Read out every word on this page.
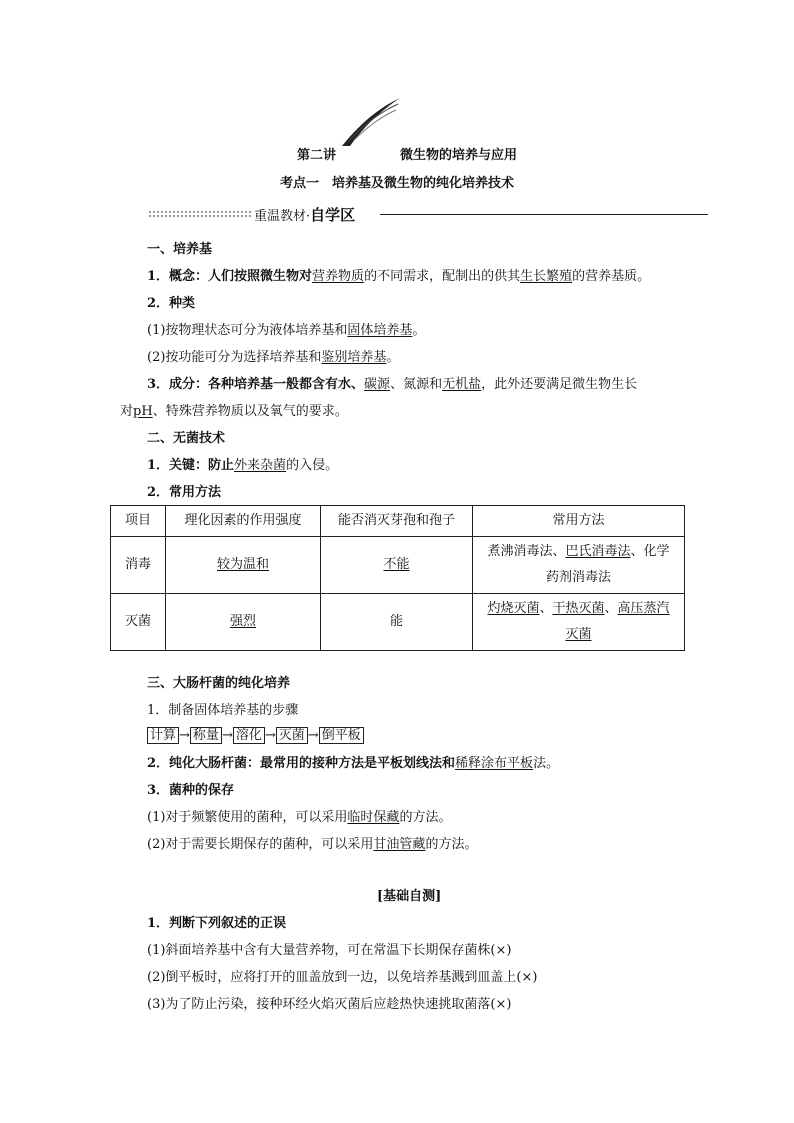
第二讲	微生物的培养与应用
考点一　培养基及微生物的纯化培养技术
重温教材·自学区
一、培养基
1．概念：人们按照微生物对营养物质的不同需求，配制出的供其生长繁殖的营养基质。
2．种类
(1)按物理状态可分为液体培养基和固体培养基。
(2)按功能可分为选择培养基和鉴别培养基。
3．成分：各种培养基一般都含有水、碳源、氮源和无机盐，此外还要满足微生物生长
对pH、特殊营养物质以及氧气的要求。
二、无菌技术
1．关键：防止外来杂菌的入侵。
2．常用方法
项目	理化因素的作用强度	能否消灭芽孢和孢子	常用方法
消毒	较为温和	不能	煮沸消毒法、巴氏消毒法、化学
药剂消毒法
灭菌	强烈	能	灼烧灭菌、干热灭菌、高压蒸汽
灭菌
三、大肠杆菌的纯化培养
1．制备固体培养基的步骤
计算 → 称量 → 溶化 → 灭菌 → 倒平板
2．纯化大肠杆菌：最常用的接种方法是平板划线法和稀释涂布平板法。
3．菌种的保存
(1)对于频繁使用的菌种，可以采用临时保藏的方法。
(2)对于需要长期保存的菌种，可以采用甘油管藏的方法。
[基础自测]
1．判断下列叙述的正误
(1)斜面培养基中含有大量营养物，可在常温下长期保存菌株(×)
(2)倒平板时，应将打开的皿盖放到一边，以免培养基溅到皿盖上(×)
(3)为了防止污染，接种环经火焰灭菌后应趁热快速挑取菌落(×)
